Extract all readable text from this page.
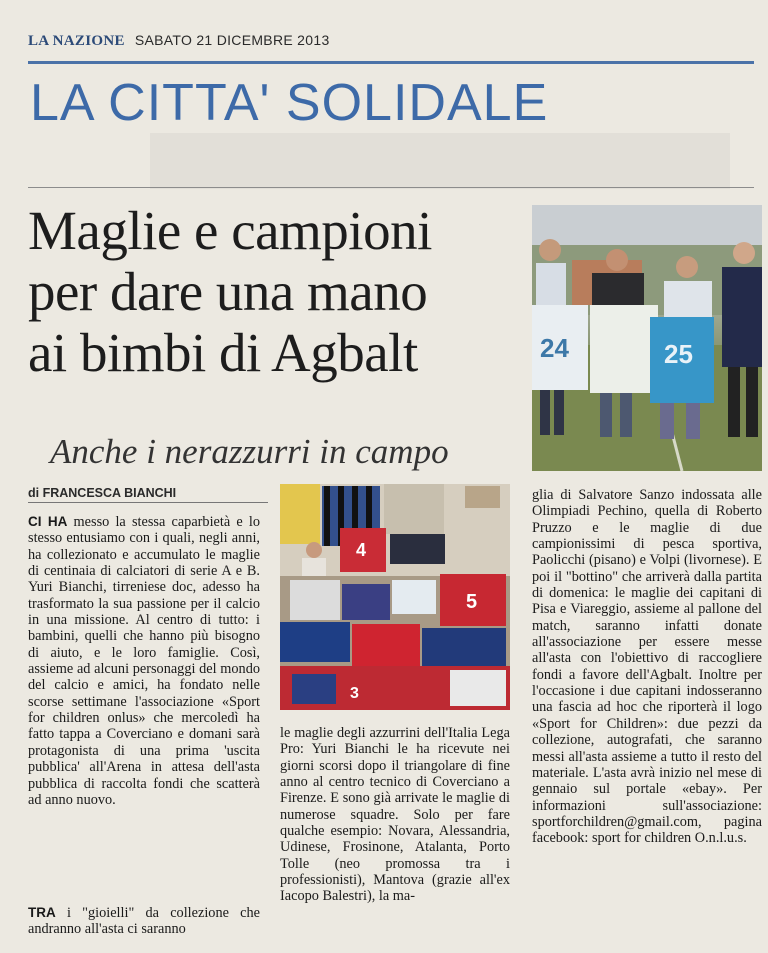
LA NAZIONE SABATO 21 DICEMBRE 2013
LA CITTA' SOLIDALE
Maglie e campioni
per dare una mano
ai bimbi di Agbalt
Anche i nerazzurri in campo
24	25
4
5
3
di FRANCESCA BIANCHI

CI HA messo la stessa caparbietà e lo stesso entusiamo con i quali, negli anni, ha collezionato e accumulato le maglie di centinaia di calciatori di serie A e B. Yuri Bianchi, tirreniese doc, adesso ha trasformato la sua passione per il calcio in una missione. Al centro di tutto: i bambini, quelli che hanno più bisogno di aiuto, e le loro famiglie. Così, assieme ad alcuni personaggi del mondo del calcio e amici, ha fondato nelle scorse settimane l'associazione «Sport for children onlus» che mercoledì ha fatto tappa a Coverciano e domani sarà protagonista di una prima 'uscita pubblica' all'Arena in attesa dell'asta pubblica di raccolta fondi che scatterà ad anno nuovo.

TRA i "gioielli" da collezione che andranno all'asta ci saranno

le maglie degli azzurrini dell'Italia Lega Pro: Yuri Bianchi le ha ricevute nei giorni scorsi dopo il triangolare di fine anno al centro tecnico di Coverciano a Firenze. E sono già arrivate le maglie di numerose squadre. Solo per fare qualche esempio: Novara, Alessandria, Udinese, Frosinone, Atalanta, Porto Tolle (neo promossa tra i professionisti), Mantova (grazie all'ex Iacopo Balestri), la ma-

glia di Salvatore Sanzo indossata alle Olimpiadi Pechino, quella di Roberto Pruzzo e le maglie di due campionissimi di pesca sportiva, Paolicchi (pisano) e Volpi (livornese). E poi il "bottino" che arriverà dalla partita di domenica: le maglie dei capitani di Pisa e Viareggio, assieme al pallone del match, saranno infatti donate all'associazione per essere messe all'asta con l'obiettivo di raccogliere fondi a favore dell'Agbalt. Inoltre per l'occasione i due capitani indosseranno una fascia ad hoc che riporterà il logo «Sport for Children»: due pezzi da collezione, autografati, che saranno messi all'asta assieme a tutto il resto del materiale. L'asta avrà inizio nel mese di gennaio sul portale «ebay». Per informazioni sull'associazione: sportforchildren@gmail.com, pagina facebook: sport for children O.n.l.u.s.
